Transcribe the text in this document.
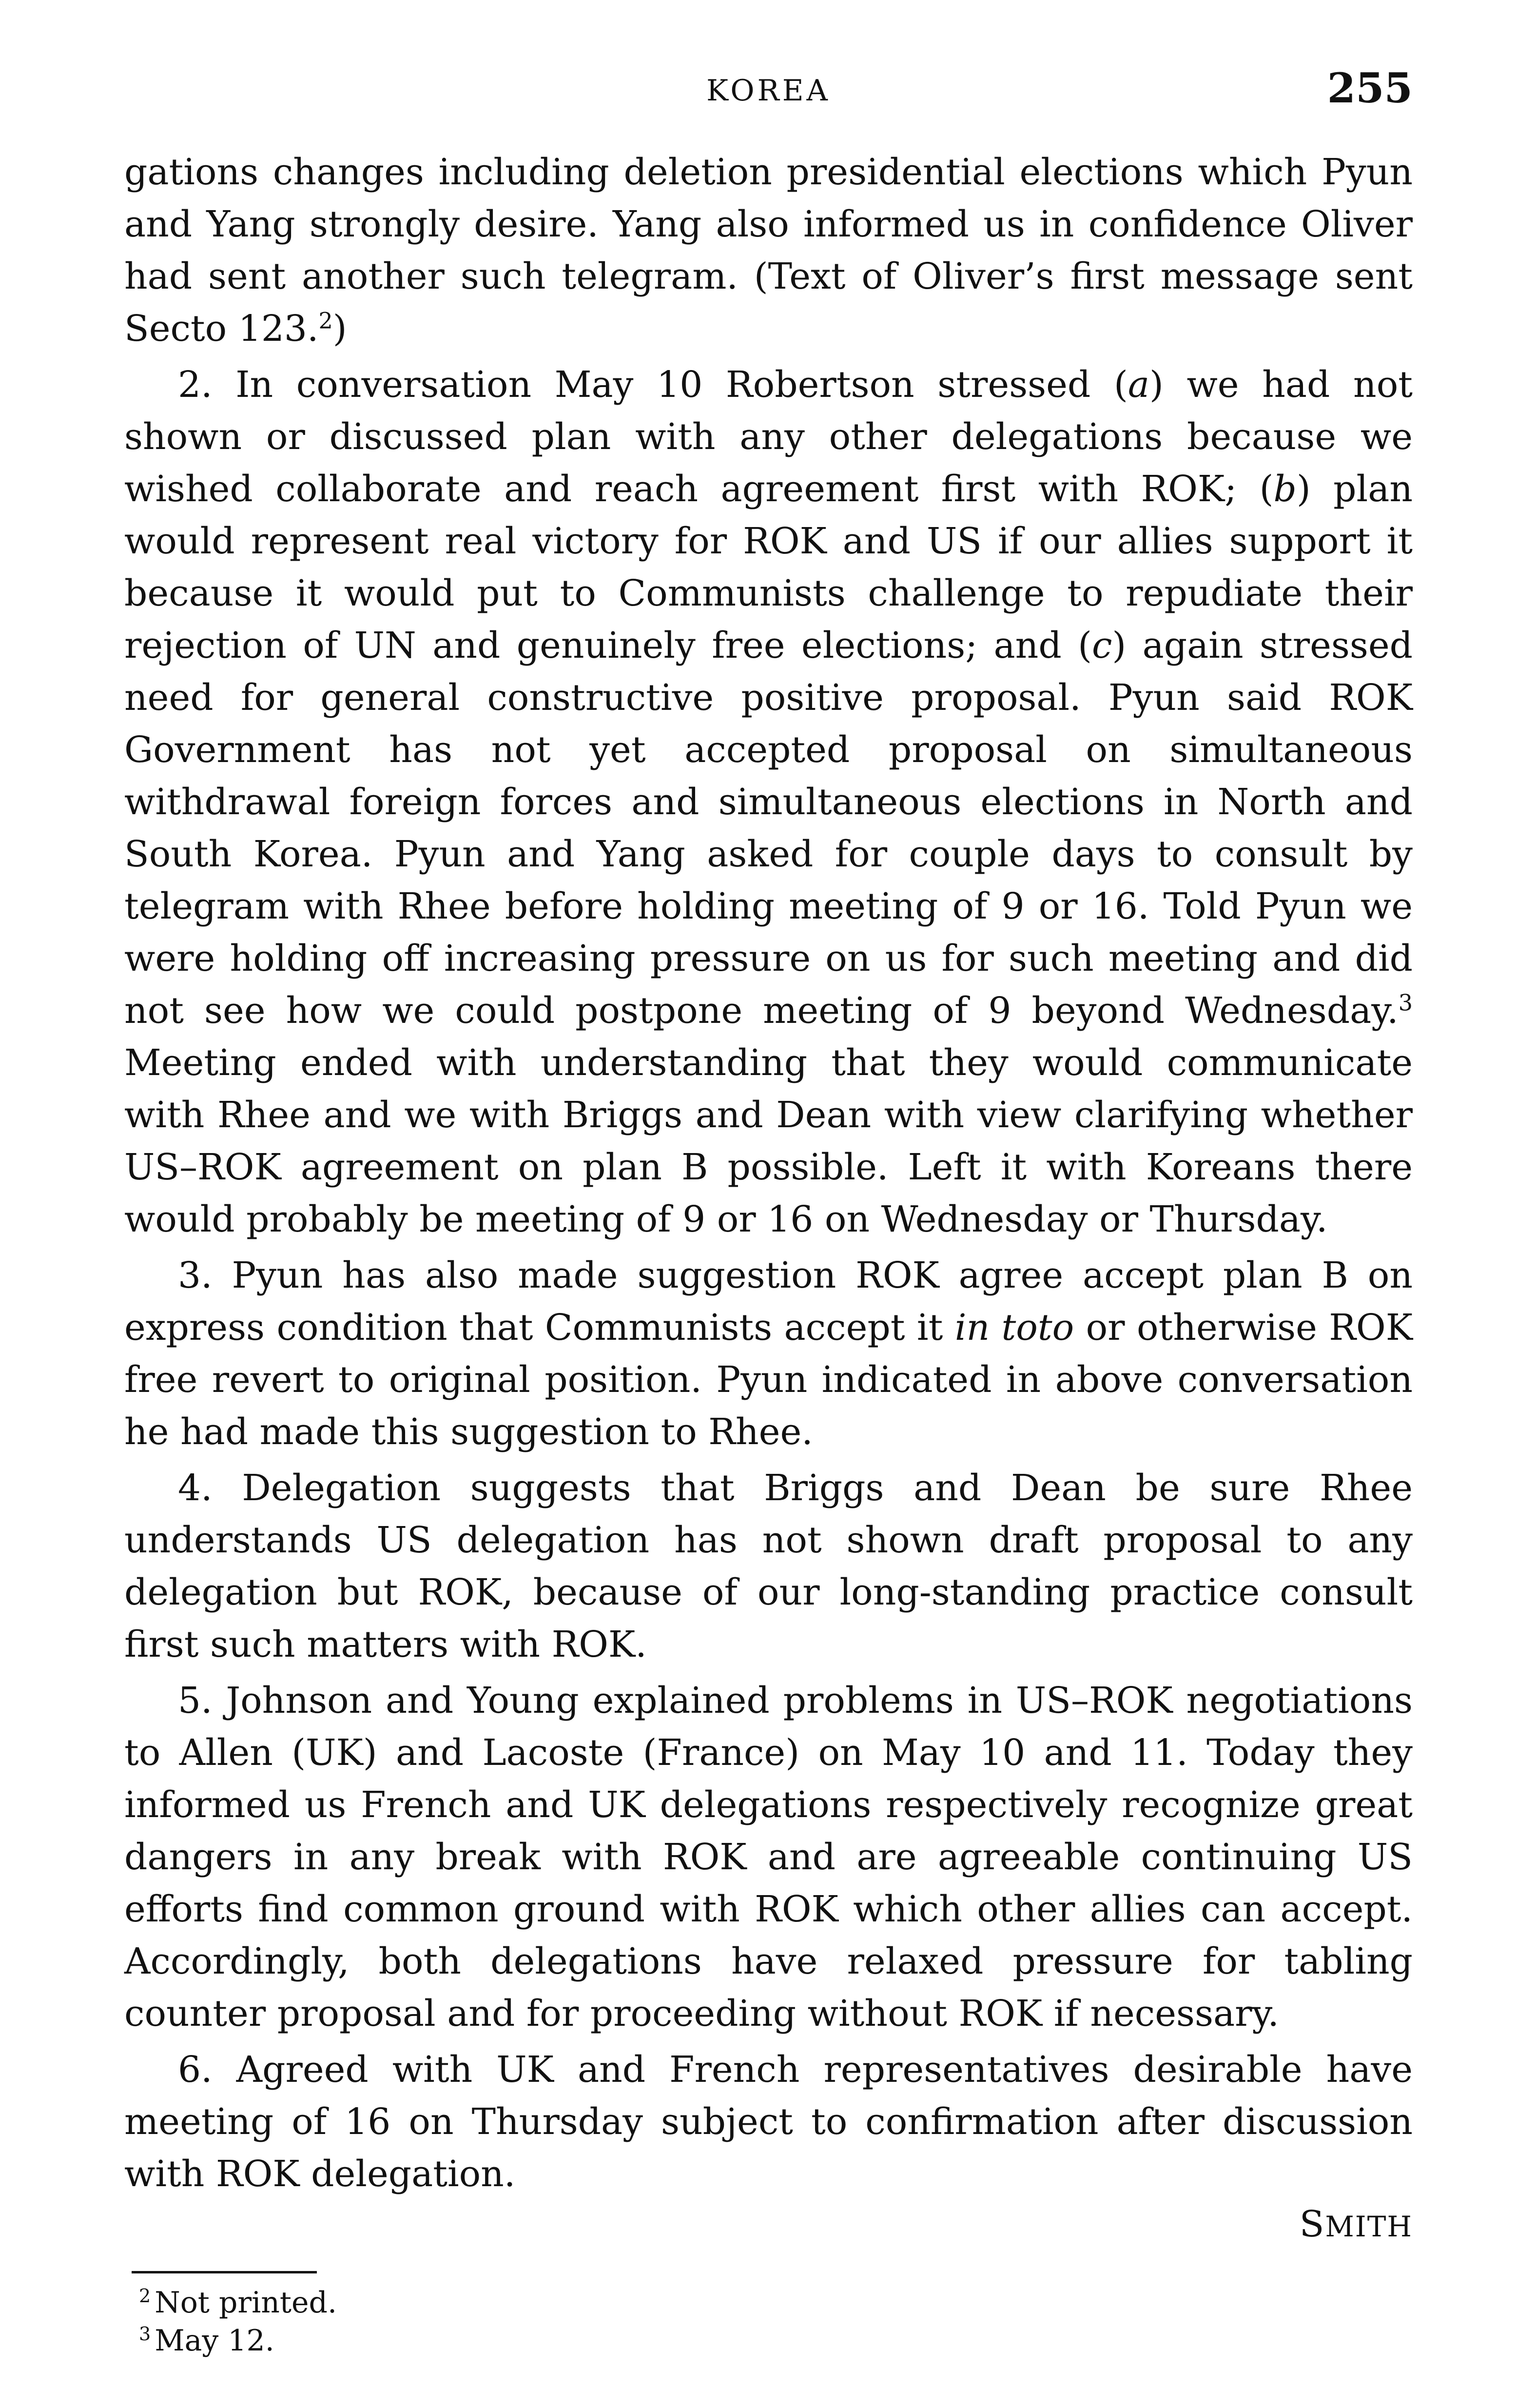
KOREA	255

gations changes including deletion presidential elections which Pyun and Yang strongly desire. Yang also informed us in confidence Oliver had sent another such telegram. (Text of Oliver’s first message sent Secto 123.$^2$)

2. In conversation May 10 Robertson stressed (a) we had not shown or discussed plan with any other delegations because we wished collaborate and reach agreement first with ROK; (b) plan would represent real victory for ROK and US if our allies support it because it would put to Communists challenge to repudiate their rejection of UN and genuinely free elections; and (c) again stressed need for general constructive positive proposal. Pyun said ROK Government has not yet accepted proposal on simultaneous withdrawal foreign forces and simultaneous elections in North and South Korea. Pyun and Yang asked for couple days to consult by telegram with Rhee before holding meeting of 9 or 16. Told Pyun we were holding off increasing pressure on us for such meeting and did not see how we could postpone meeting of 9 beyond Wednesday.$^3$ Meeting ended with understanding that they would communicate with Rhee and we with Briggs and Dean with view clarifying whether US–ROK agreement on plan B possible. Left it with Koreans there would probably be meeting of 9 or 16 on Wednesday or Thursday.

3. Pyun has also made suggestion ROK agree accept plan B on express condition that Communists accept it in toto or otherwise ROK free revert to original position. Pyun indicated in above conversation he had made this suggestion to Rhee.

4. Delegation suggests that Briggs and Dean be sure Rhee understands US delegation has not shown draft proposal to any delegation but ROK, because of our long-standing practice consult first such matters with ROK.

5. Johnson and Young explained problems in US–ROK negotiations to Allen (UK) and Lacoste (France) on May 10 and 11. Today they informed us French and UK delegations respectively recognize great dangers in any break with ROK and are agreeable continuing US efforts find common ground with ROK which other allies can accept. Accordingly, both delegations have relaxed pressure for tabling counter proposal and for proceeding without ROK if necessary.

6. Agreed with UK and French representatives desirable have meeting of 16 on Thursday subject to confirmation after discussion with ROK delegation.

SMITH

$^2$ Not printed.

$^3$ May 12.
